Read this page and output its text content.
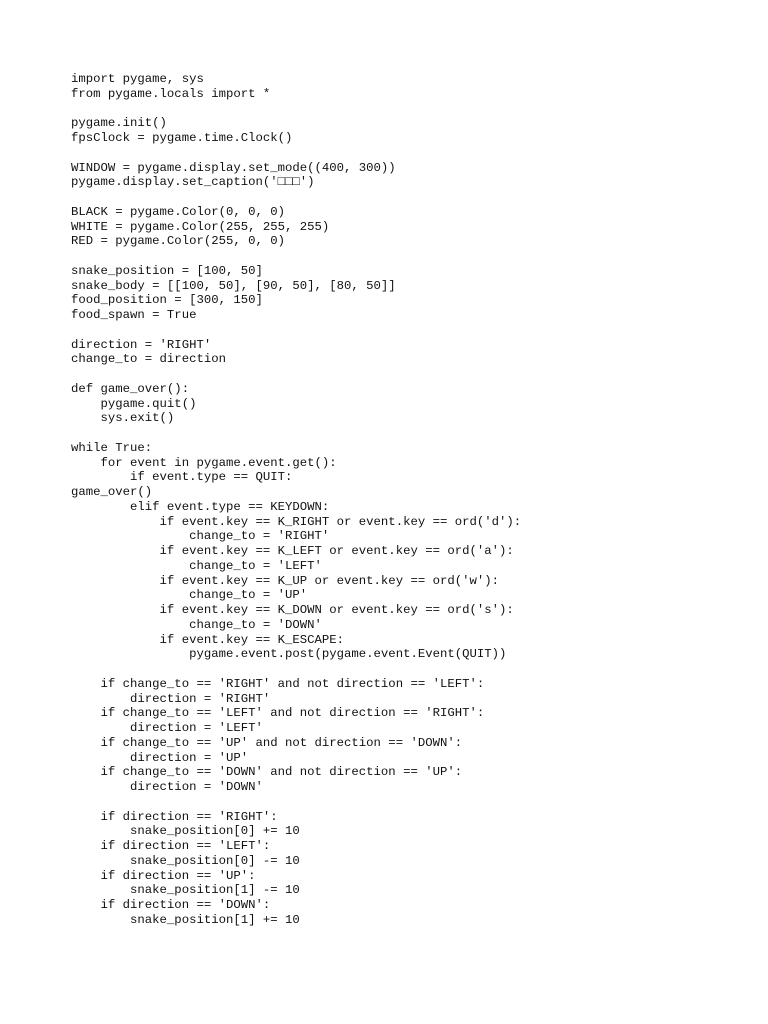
import pygame, sys
from pygame.locals import *
pygame.init()
fpsClock = pygame.time.Clock()
WINDOW = pygame.display.set_mode((400, 300))
pygame.display.set_caption('□□□')
BLACK = pygame.Color(0, 0, 0)
WHITE = pygame.Color(255, 255, 255)
RED = pygame.Color(255, 0, 0)
snake_position = [100, 50]
snake_body = [[100, 50], [90, 50], [80, 50]]
food_position = [300, 150]
food_spawn = True
direction = 'RIGHT'
change_to = direction
def game_over():
pygame.quit()
sys.exit()
while True:
for event in pygame.event.get():
if event.type == QUIT:
game_over()
elif event.type == KEYDOWN:
if event.key == K_RIGHT or event.key == ord('d'):
change_to = 'RIGHT'
if event.key == K_LEFT or event.key == ord('a'):
change_to = 'LEFT'
if event.key == K_UP or event.key == ord('w'):
change_to = 'UP'
if event.key == K_DOWN or event.key == ord('s'):
change_to = 'DOWN'
if event.key == K_ESCAPE:
pygame.event.post(pygame.event.Event(QUIT))
if change_to == 'RIGHT' and not direction == 'LEFT':
direction = 'RIGHT'
if change_to == 'LEFT' and not direction == 'RIGHT':
direction = 'LEFT'
if change_to == 'UP' and not direction == 'DOWN':
direction = 'UP'
if change_to == 'DOWN' and not direction == 'UP':
direction = 'DOWN'
if direction == 'RIGHT':
snake_position[0] += 10
if direction == 'LEFT':
snake_position[0] -= 10
if direction == 'UP':
snake_position[1] -= 10
if direction == 'DOWN':
snake_position[1] += 10
